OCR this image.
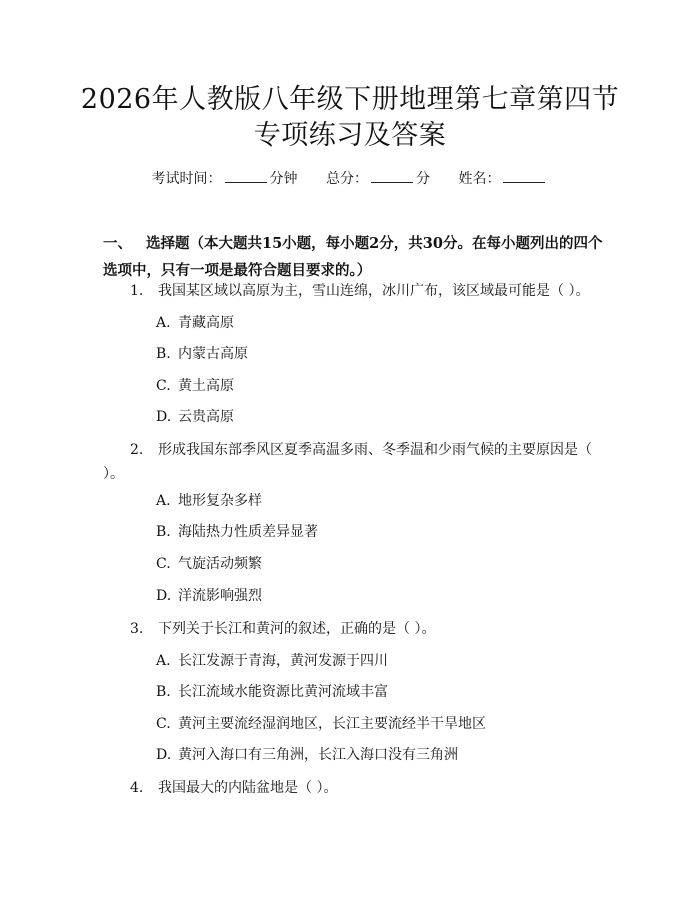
2026年人教版八年级下册地理第七章第四节
专项练习及答案
考试时间：	分钟 总分：	分 姓名：
一、 选择题（本大题共15小题，每小题2分，共30分。在每小题列出的四个选项中，只有一项是最符合题目要求的。）
1. 我国某区域以高原为主，雪山连绵，冰川广布，该区域最可能是（ ）。
A. 青藏高原
B. 内蒙古高原
C. 黄土高原
D. 云贵高原
2. 形成我国东部季风区夏季高温多雨、冬季温和少雨气候的主要原因是（ ）。
A. 地形复杂多样
B. 海陆热力性质差异显著
C. 气旋活动频繁
D. 洋流影响强烈
3. 下列关于长江和黄河的叙述，正确的是（ ）。
A. 长江发源于青海，黄河发源于四川
B. 长江流域水能资源比黄河流域丰富
C. 黄河主要流经湿润地区，长江主要流经半干旱地区
D. 黄河入海口有三角洲，长江入海口没有三角洲
4. 我国最大的内陆盆地是（ ）。
